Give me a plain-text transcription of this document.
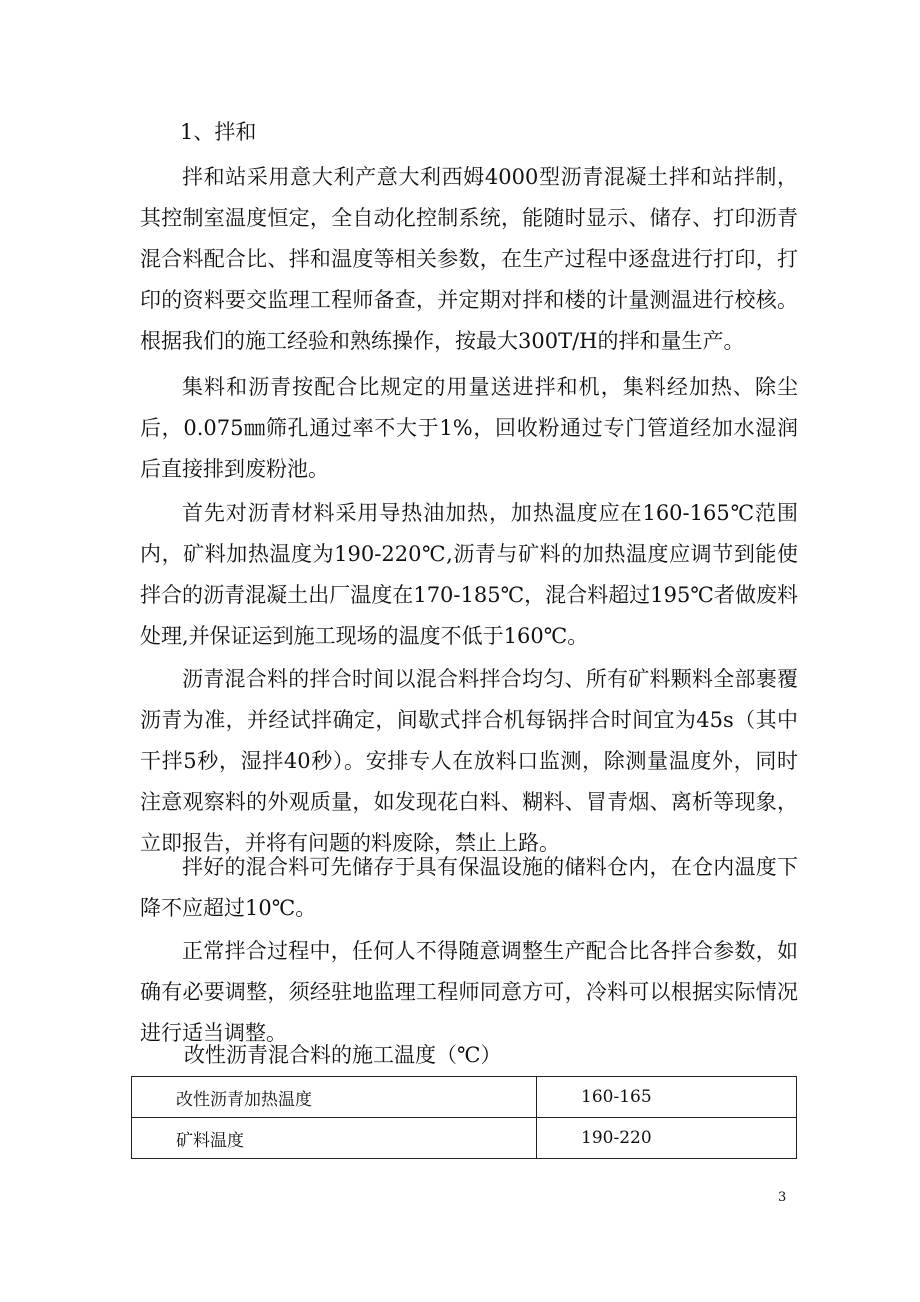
1、拌和

拌和站采用意大利产意大利西姆4000型沥青混凝土拌和站拌制，其控制室温度恒定，全自动化控制系统，能随时显示、储存、打印沥青混合料配合比、拌和温度等相关参数，在生产过程中逐盘进行打印，打印的资料要交监理工程师备查，并定期对拌和楼的计量测温进行校核。根据我们的施工经验和熟练操作，按最大300T/H的拌和量生产。

集料和沥青按配合比规定的用量送进拌和机，集料经加热、除尘后，0.075㎜筛孔通过率不大于1%，回收粉通过专门管道经加水湿润后直接排到废粉池。

首先对沥青材料采用导热油加热，加热温度应在160-165℃范围内，矿料加热温度为190-220℃,沥青与矿料的加热温度应调节到能使拌合的沥青混凝土出厂温度在170-185℃，混合料超过195℃者做废料处理,并保证运到施工现场的温度不低于160℃。

沥青混合料的拌合时间以混合料拌合均匀、所有矿料颗料全部裹覆沥青为准，并经试拌确定，间歇式拌合机每锅拌合时间宜为45s（其中干拌5秒，湿拌40秒）。安排专人在放料口监测，除测量温度外，同时注意观察料的外观质量，如发现花白料、糊料、冒青烟、离析等现象，立即报告，并将有问题的料废除，禁止上路。

拌好的混合料可先储存于具有保温设施的储料仓内，在仓内温度下降不应超过10℃。

正常拌合过程中，任何人不得随意调整生产配合比各拌合参数，如确有必要调整，须经驻地监理工程师同意方可，冷料可以根据实际情况进行适当调整。

改性沥青混合料的施工温度（℃）
改性沥青加热温度	160-165
矿料温度	190-220
3
